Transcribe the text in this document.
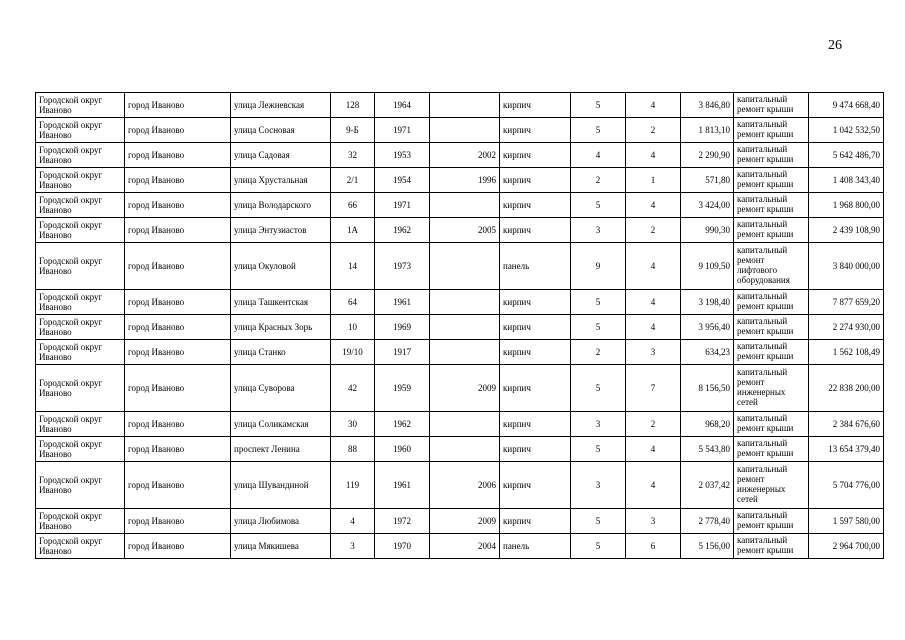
26
Городской округ Иваново	город Иваново	улица Лежневская	128	1964		кирпич	5	4	3 846,80	капитальный ремонт крыши	9 474 668,40
Городской округ Иваново	город Иваново	улица Сосновая	9-Б	1971		кирпич	5	2	1 813,10	капитальный ремонт крыши	1 042 532,50
Городской округ Иваново	город Иваново	улица Садовая	32	1953	2002	кирпич	4	4	2 290,90	капитальный ремонт крыши	5 642 486,70
Городской округ Иваново	город Иваново	улица Хрустальная	2/1	1954	1996	кирпич	2	1	571,80	капитальный ремонт крыши	1 408 343,40
Городской округ Иваново	город Иваново	улица Володарского	66	1971		кирпич	5	4	3 424,00	капитальный ремонт крыши	1 968 800,00
Городской округ Иваново	город Иваново	улица Энтузиастов	1А	1962	2005	кирпич	3	2	990,30	капитальный ремонт крыши	2 439 108,90
Городской округ Иваново	город Иваново	улица Окуловой	14	1973		панель	9	4	9 109,50	капитальный ремонт лифтового оборудования	3 840 000,00
Городской округ Иваново	город Иваново	улица Ташкентская	64	1961		кирпич	5	4	3 198,40	капитальный ремонт крыши	7 877 659,20
Городской округ Иваново	город Иваново	улица Красных Зорь	10	1969		кирпич	5	4	3 956,40	капитальный ремонт крыши	2 274 930,00
Городской округ Иваново	город Иваново	улица Станко	19/10	1917		кирпич	2	3	634,23	капитальный ремонт крыши	1 562 108,49
Городской округ Иваново	город Иваново	улица Суворова	42	1959	2009	кирпич	5	7	8 156,50	капитальный ремонт инженерных сетей	22 838 200,00
Городской округ Иваново	город Иваново	улица Соликамская	30	1962		кирпич	3	2	968,20	капитальный ремонт крыши	2 384 676,60
Городской округ Иваново	город Иваново	проспект Ленина	88	1960		кирпич	5	4	5 543,80	капитальный ремонт крыши	13 654 379,40
Городской округ Иваново	город Иваново	улица Шувандиной	119	1961	2006	кирпич	3	4	2 037,42	капитальный ремонт инженерных сетей	5 704 776,00
Городской округ Иваново	город Иваново	улица Любимова	4	1972	2009	кирпич	5	3	2 778,40	капитальный ремонт крыши	1 597 580,00
Городской округ Иваново	город Иваново	улица Мякишева	3	1970	2004	панель	5	6	5 156,00	капитальный ремонт крыши	2 964 700,00
